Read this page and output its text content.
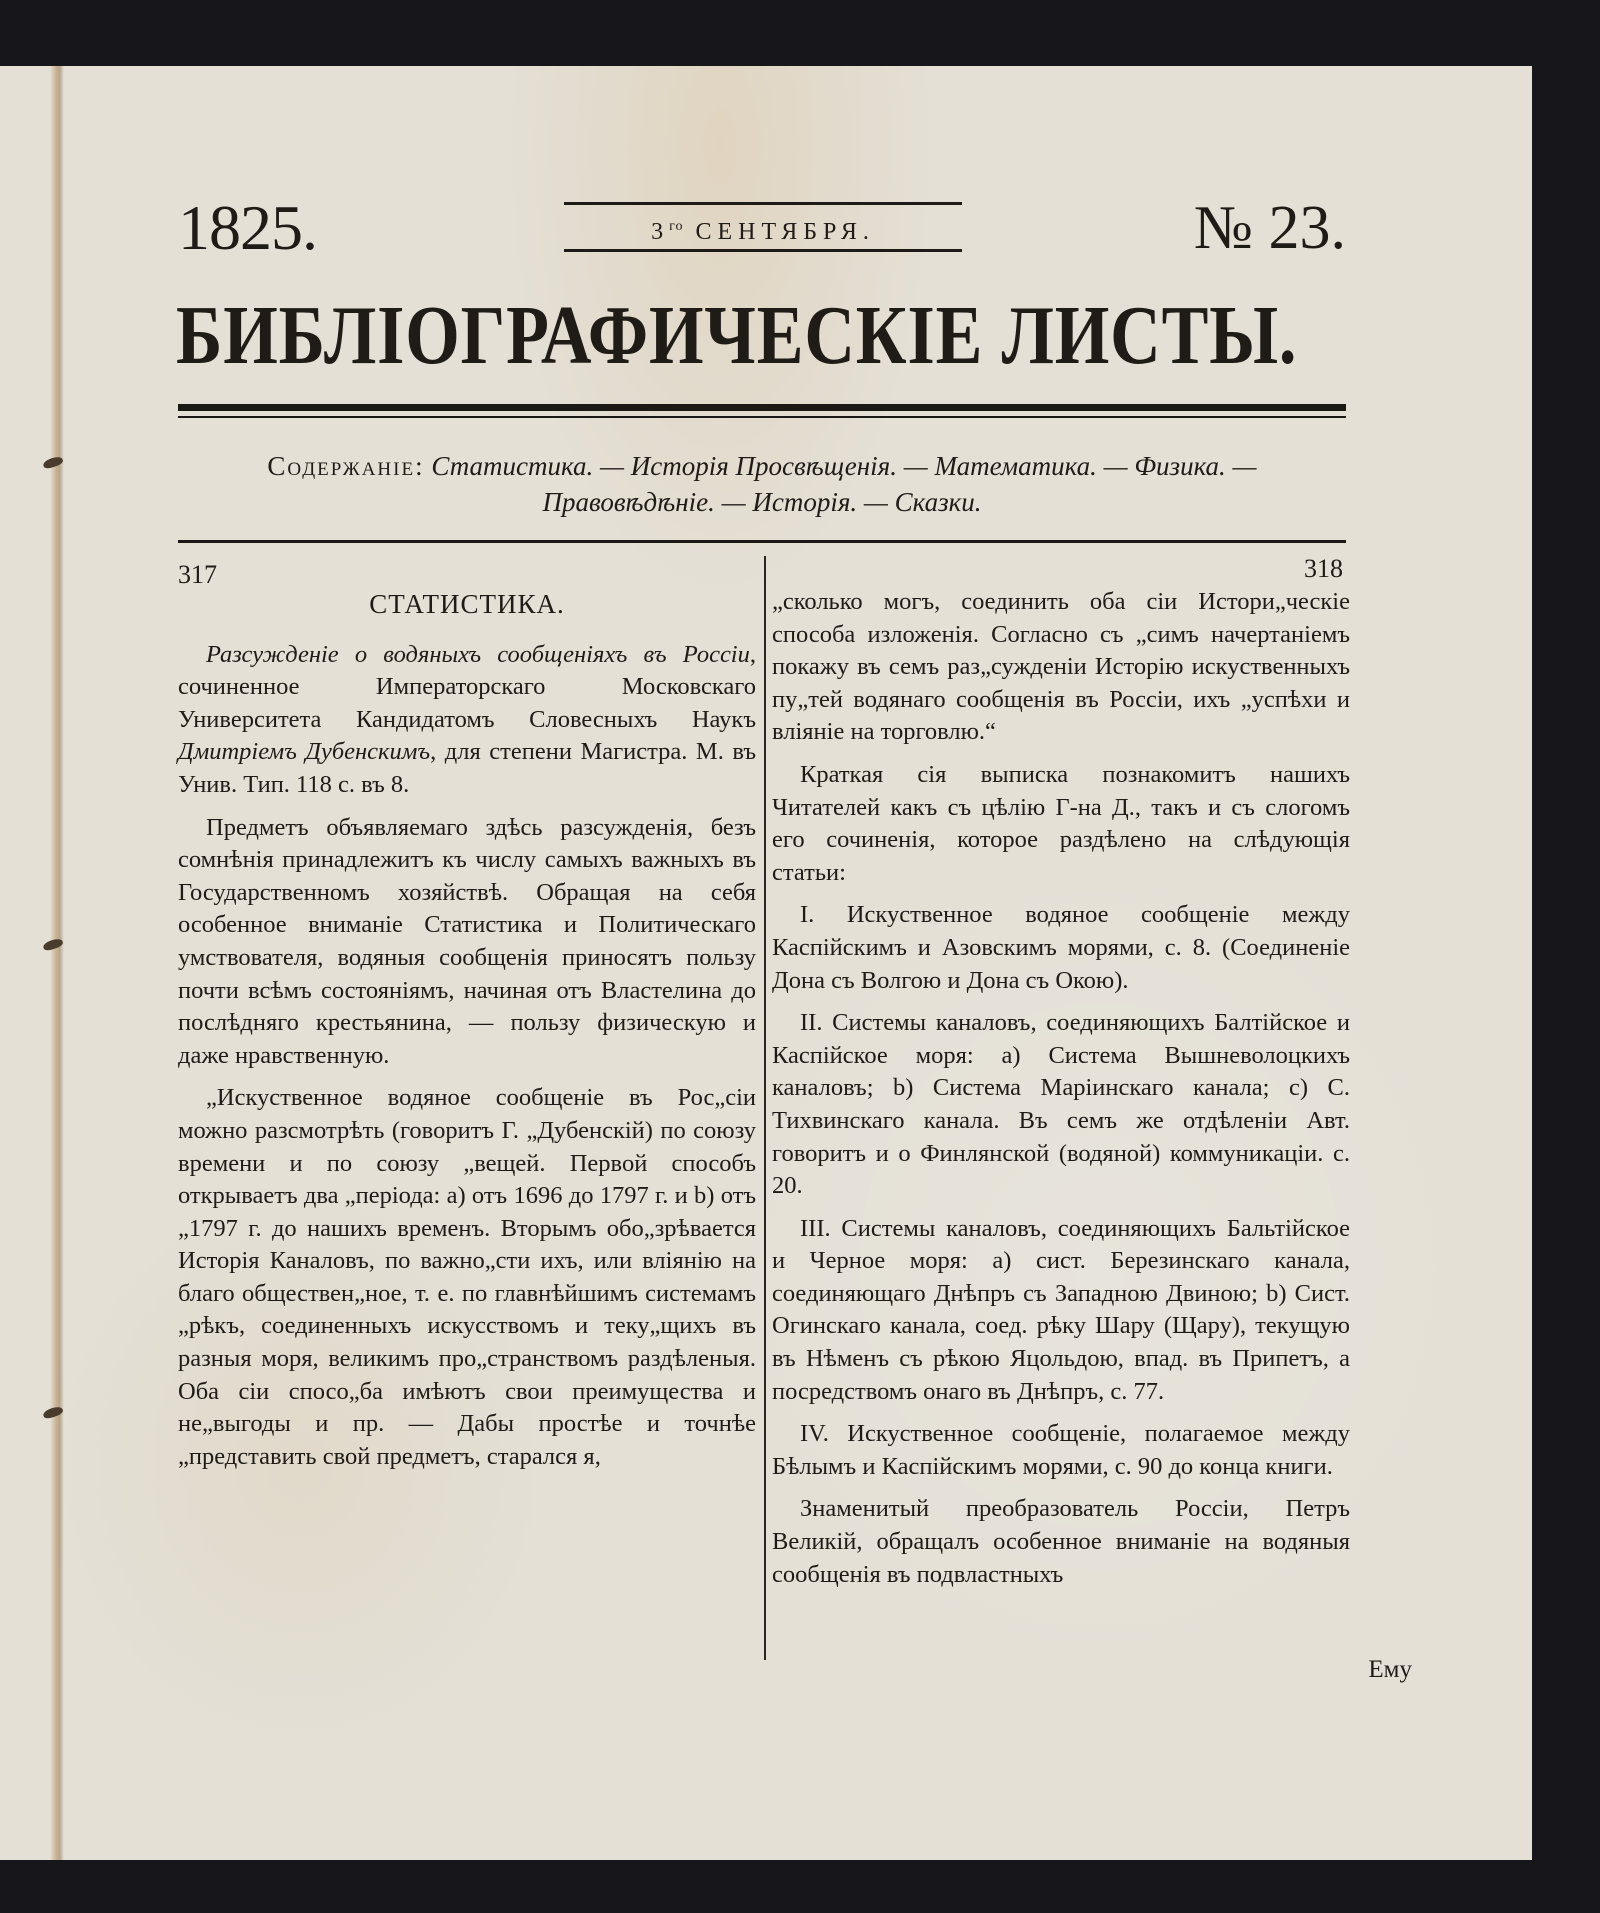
1825.	$3^{го}$ СЕНТЯБРЯ.	№ 23.
БИБЛІОГРАФИЧЕСКІЕ ЛИСТЫ.
Содержаніе: Статистика. — Исторія Просвѣщенія. — Математика. — Физика. —
Правовѣдѣніе. — Исторія. — Сказки.
317	318

СТАТИСТИКА.

Разсужденіе о водяныхъ сообщеніяхъ въ Россіи, сочиненное Императорскаго Московскаго Университета Кандидатомъ Словесныхъ Наукъ Дмитріемъ Дубенскимъ, для степени Магистра. М. въ Унив. Тип. 118 с. въ 8.

Предметъ объявляемаго здѣсь разсужденія, безъ сомнѣнія принадлежитъ къ числу самыхъ важныхъ въ Государственномъ хозяйствѣ. Обращая на себя особенное вниманіе Статистика и Политическаго умствователя, водяныя сообщенія приносятъ пользу почти всѣмъ состояніямъ, начиная отъ Властелина до послѣдняго крестьянина, — пользу физическую и даже нравственную.

„Искуственное водяное сообщеніе въ Рос„сіи можно разсмотрѣть (говоритъ Г. „Дубенскій) по союзу времени и по союзу „вещей. Первой способъ открываетъ два „періода: а) отъ 1696 до 1797 г. и b) отъ „1797 г. до нашихъ временъ. Вторымъ обо„зрѣвается Исторія Каналовъ, по важно„сти ихъ, или вліянію на благо обществен„ное, т. е. по главнѣйшимъ системамъ „рѣкъ, соединенныхъ искусствомъ и теку„щихъ въ разныя моря, великимъ про„странствомъ раздѣленыя. Оба сіи спосо„ба имѣютъ свои преимущества и не„выгоды и пр. — Дабы простѣе и точнѣе „представить свой предметъ, старался я,

„сколько могъ, соединить оба сіи Истори„ческіе способа изложенія. Согласно съ „симъ начертаніемъ покажу въ семъ раз„сужденіи Исторію искуственныхъ пу„тей водянаго сообщенія въ Россіи, ихъ „успѣхи и вліяніе на торговлю.“

Краткая сія выписка познакомитъ нашихъ Читателей какъ съ цѣлію Г-на Д., такъ и съ слогомъ его сочиненія, которое раздѣлено на слѣдующія статьи:

I. Искуственное водяное сообщеніе между Каспійскимъ и Азовскимъ морями, с. 8. (Соединеніе Дона съ Волгою и Дона съ Окою).

II. Системы каналовъ, соединяющихъ Балтійское и Каспійское моря: а) Система Вышневолоцкихъ каналовъ; b) Система Маріинскаго канала; с) С. Тихвинскаго канала. Въ семъ же отдѣленіи Авт. говоритъ и о Финлянской (водяной) коммуникаціи. с. 20.

III. Системы каналовъ, соединяющихъ Бальтійское и Черное моря: а) сист. Березинскаго канала, соединяющаго Днѣпръ съ Западною Двиною; b) Сист. Огинскаго канала, соед. рѣку Шару (Щару), текущую въ Нѣменъ съ рѣкою Яцольдою, впад. въ Припетъ, а посредствомъ онаго въ Днѣпръ, с. 77.

IV. Искуственное сообщеніе, полагаемое между Бѣлымъ и Каспійскимъ морями, с. 90 до конца книги.

Знаменитый преобразователь Россіи, Петръ Великій, обращалъ особенное вниманіе на водяныя сообщенія въ подвластныхъ

Ему
